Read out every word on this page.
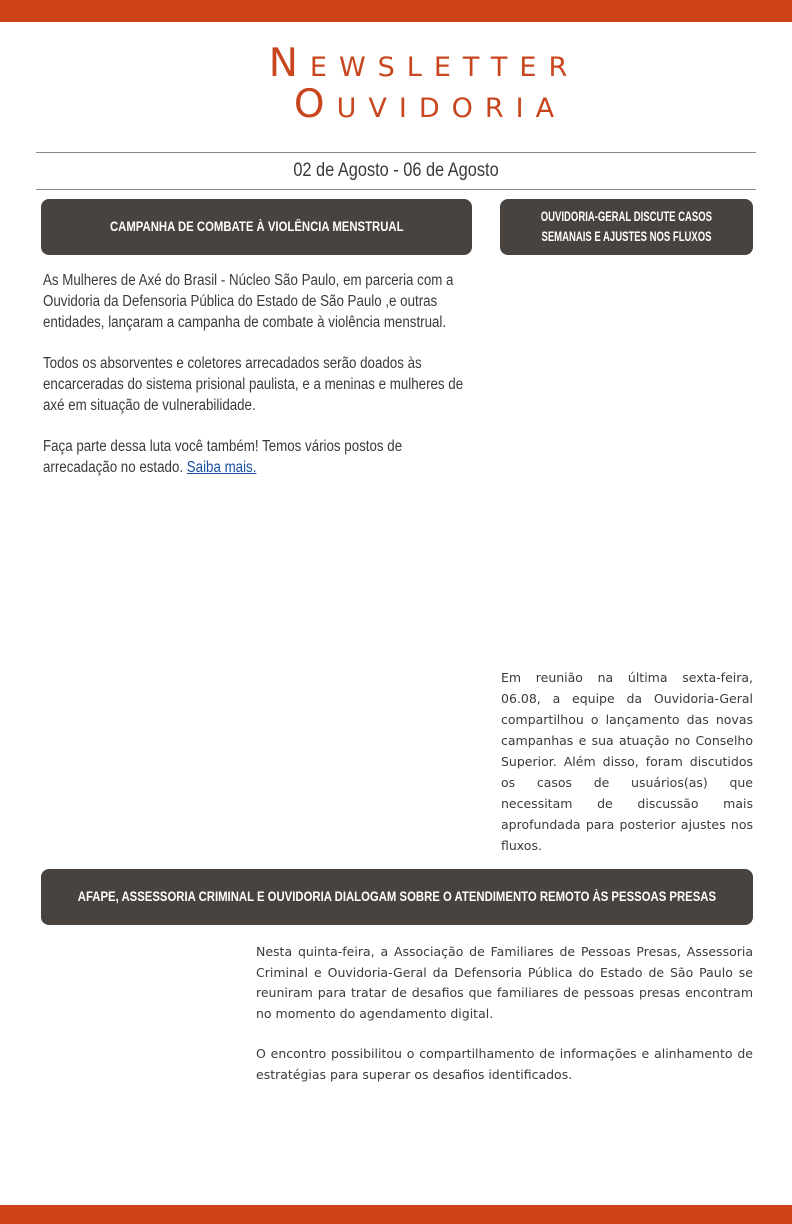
Newsletter
Ouvidoria
02 de Agosto - 06 de Agosto
CAMPANHA DE COMBATE À VIOLÊNCIA MENSTRUAL

As Mulheres de Axé do Brasil - Núcleo São Paulo, em parceria com a Ouvidoria da Defensoria Pública do Estado de São Paulo ,e outras entidades, lançaram a campanha de combate à violência menstrual.

Todos os absorventes e coletores arrecadados serão doados às encarceradas do sistema prisional paulista, e a meninas e mulheres de axé em situação de vulnerabilidade.

Faça parte dessa luta você também! Temos vários postos de arrecadação no estado. Saiba mais.

OUVIDORIA-GERAL DISCUTE CASOS
SEMANAIS E AJUSTES NOS FLUXOS

Em reunião na última sexta-feira, 06.08, a equipe da Ouvidoria-Geral compartilhou o lançamento das novas campanhas e sua atuação no Conselho Superior. Além disso, foram discutidos os casos de usuários(as) que necessitam de discussão mais aprofundada para posterior ajustes nos fluxos.

AFAPE, ASSESSORIA CRIMINAL E OUVIDORIA DIALOGAM SOBRE O ATENDIMENTO REMOTO ÀS PESSOAS PRESAS

Nesta quinta-feira, a Associação de Familiares de Pessoas Presas, Assessoria Criminal e Ouvidoria-Geral da Defensoria Pública do Estado de São Paulo se reuniram para tratar de desafios que familiares de pessoas presas encontram no momento do agendamento digital.

O encontro possibilitou o compartilhamento de informações e alinhamento de estratégias para superar os desafios identificados.
